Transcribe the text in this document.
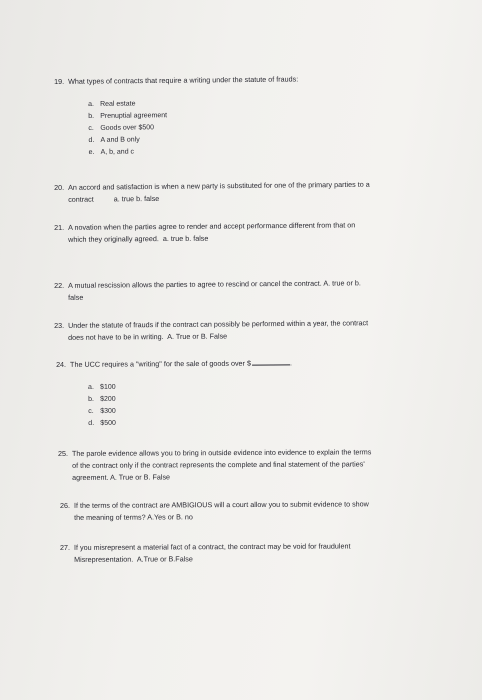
19. What types of contracts that require a writing under the statute of frauds:
a. Real estate
b. Prenuptial agreement
c. Goods over $500
d. A and B only
e. A, b, and c
20. An accord and satisfaction is when a new party is substituted for one of the primary parties to a
contract          a. true b. false
21. A novation when the parties agree to render and accept performance different from that on
which they originally agreed.  a. true b. false
22. A mutual rescission allows the parties to agree to rescind or cancel the contract. A. true or b.
false
23. Under the statute of frauds if the contract can possibly be performed within a year, the contract
does not have to be in writing.  A. True or B. False
24. The UCC requires a "writing" for the sale of goods over $	.
a. $100
b. $200
c. $300
d. $500
25. The parole evidence allows you to bring in outside evidence into evidence to explain the terms
of the contract only if the contract represents the complete and final statement of the parties'
agreement. A. True or B. False
26. If the terms of the contract are AMBIGIOUS will a court allow you to submit evidence to show
the meaning of terms? A.Yes or B. no
27. If you misrepresent a material fact of a contract, the contract may be void for fraudulent
Misrepresentation.  A.True or B.False
